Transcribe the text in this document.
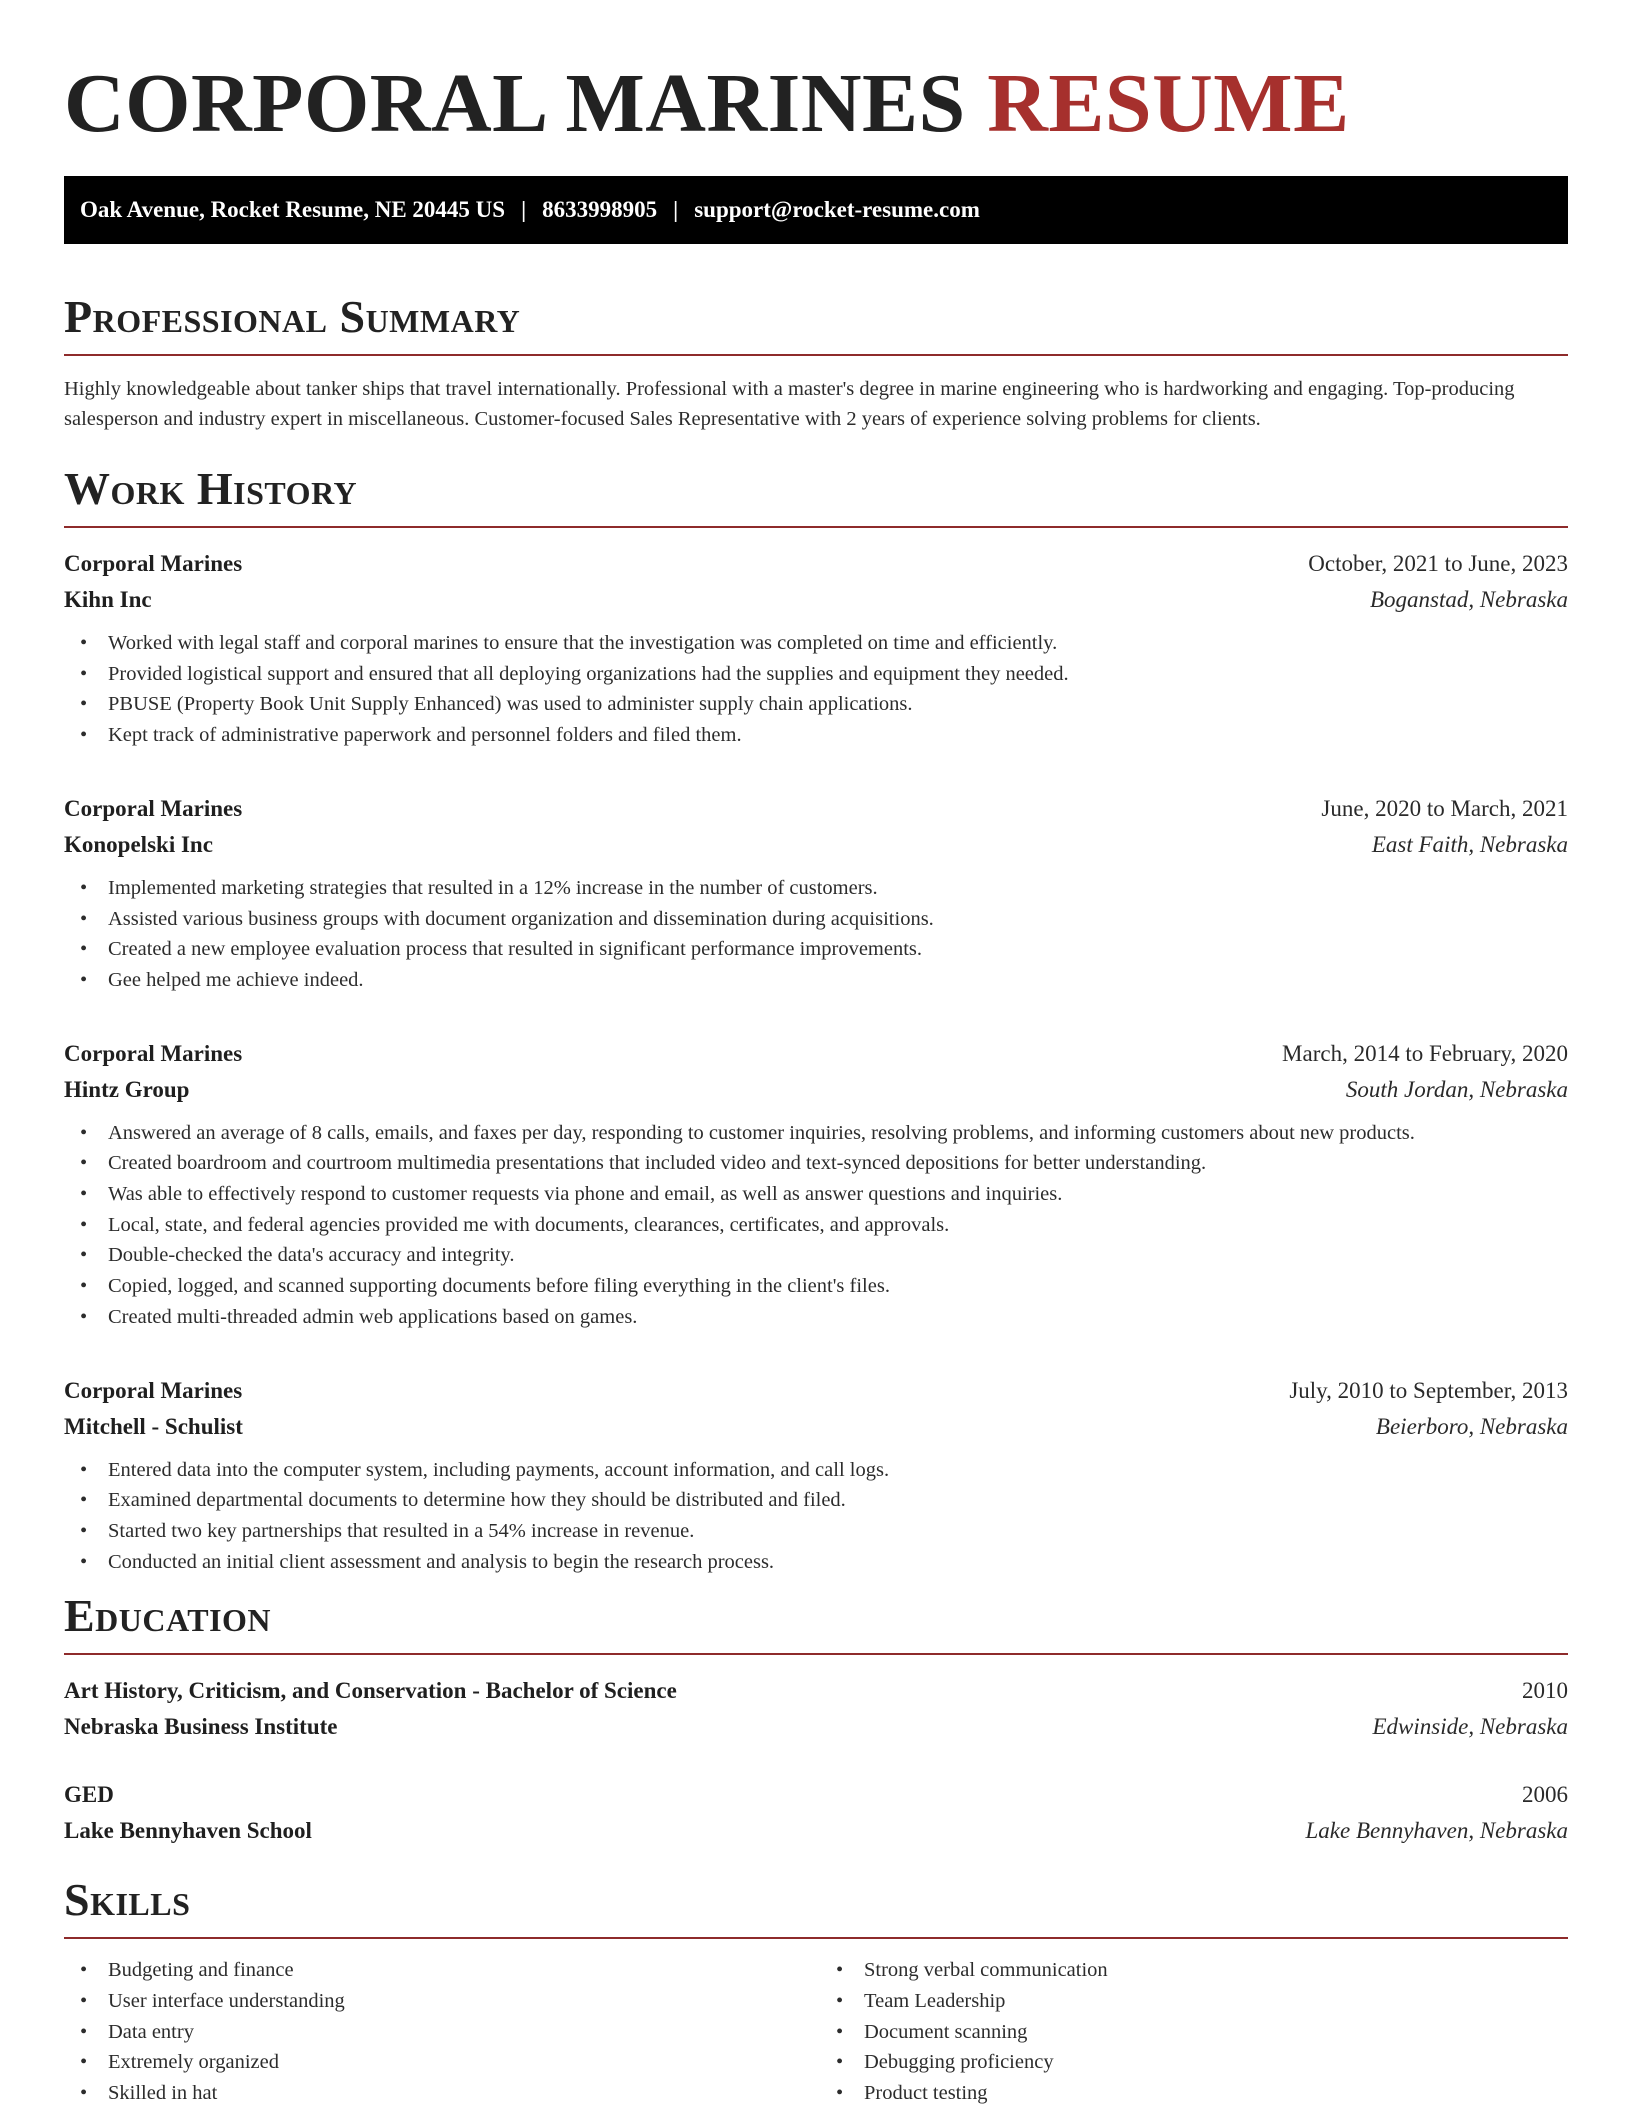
CORPORAL MARINES RESUME
Oak Avenue, Rocket Resume, NE 20445 US | 8633998905 | support@rocket-resume.com
Professional Summary
Highly knowledgeable about tanker ships that travel internationally. Professional with a master's degree in marine engineering who is hardworking and engaging. Top-producing salesperson and industry expert in miscellaneous. Customer-focused Sales Representative with 2 years of experience solving problems for clients.
Work History
Corporal Marines	October, 2021 to June, 2023
Kihn Inc	Boganstad, Nebraska
• Worked with legal staff and corporal marines to ensure that the investigation was completed on time and efficiently.
• Provided logistical support and ensured that all deploying organizations had the supplies and equipment they needed.
• PBUSE (Property Book Unit Supply Enhanced) was used to administer supply chain applications.
• Kept track of administrative paperwork and personnel folders and filed them.
Corporal Marines	June, 2020 to March, 2021
Konopelski Inc	East Faith, Nebraska
• Implemented marketing strategies that resulted in a 12% increase in the number of customers.
• Assisted various business groups with document organization and dissemination during acquisitions.
• Created a new employee evaluation process that resulted in significant performance improvements.
• Gee helped me achieve indeed.
Corporal Marines	March, 2014 to February, 2020
Hintz Group	South Jordan, Nebraska
• Answered an average of 8 calls, emails, and faxes per day, responding to customer inquiries, resolving problems, and informing customers about new products.
• Created boardroom and courtroom multimedia presentations that included video and text-synced depositions for better understanding.
• Was able to effectively respond to customer requests via phone and email, as well as answer questions and inquiries.
• Local, state, and federal agencies provided me with documents, clearances, certificates, and approvals.
• Double-checked the data's accuracy and integrity.
• Copied, logged, and scanned supporting documents before filing everything in the client's files.
• Created multi-threaded admin web applications based on games.
Corporal Marines	July, 2010 to September, 2013
Mitchell - Schulist	Beierboro, Nebraska
• Entered data into the computer system, including payments, account information, and call logs.
• Examined departmental documents to determine how they should be distributed and filed.
• Started two key partnerships that resulted in a 54% increase in revenue.
• Conducted an initial client assessment and analysis to begin the research process.
Education
Art History, Criticism, and Conservation - Bachelor of Science	2010
Nebraska Business Institute	Edwinside, Nebraska
GED	2006
Lake Bennyhaven School	Lake Bennyhaven, Nebraska
Skills
• Budgeting and finance
• User interface understanding
• Data entry
• Extremely organized
• Skilled in hat
• Strong verbal communication
• Team Leadership
• Document scanning
• Debugging proficiency
• Product testing
